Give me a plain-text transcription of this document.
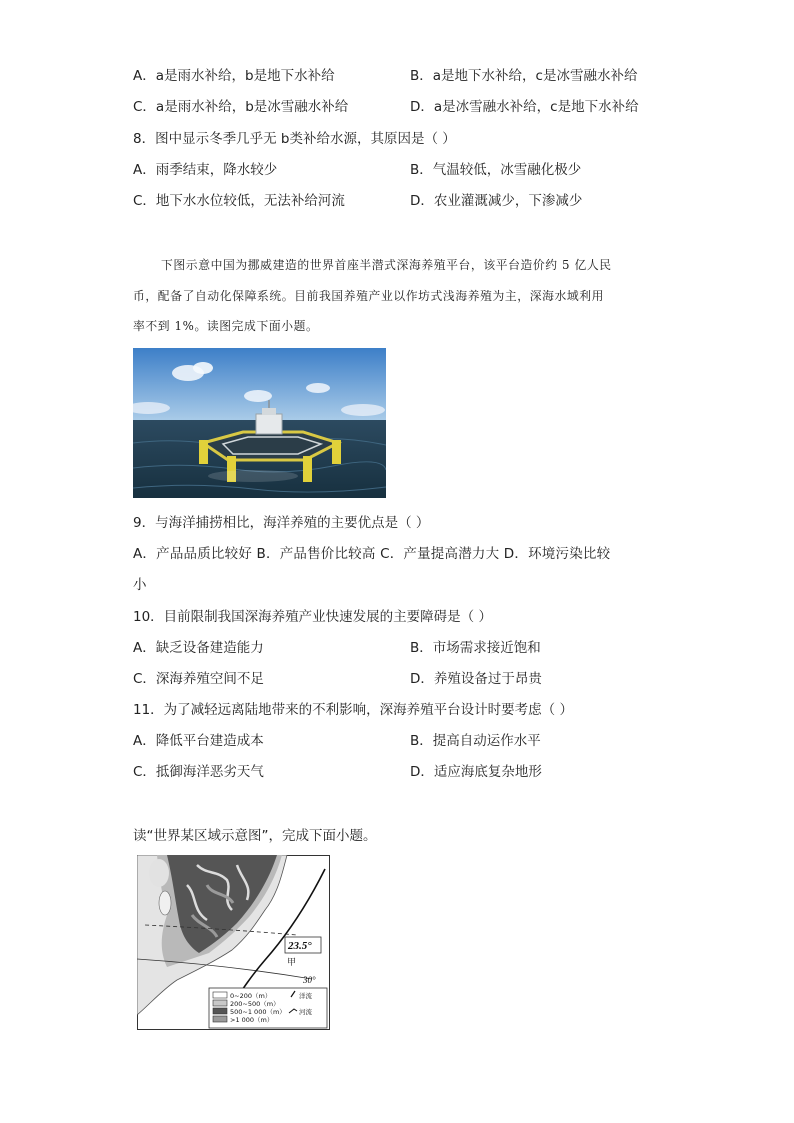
A．a是雨水补给，b是地下水补给	B．a是地下水补给，c是冰雪融水补给
C．a是雨水补给，b是冰雪融水补给	D．a是冰雪融水补给，c是地下水补给
8．图中显示冬季几乎无 b类补给水源，其原因是（ ）
A．雨季结束，降水较少	B．气温较低，冰雪融化极少
C．地下水水位较低，无法补给河流	D．农业灌溉减少，下渗减少
下图示意中国为挪威建造的世界首座半潜式深海养殖平台，该平台造价约 5 亿人民
币，配备了自动化保障系统。目前我国养殖产业以作坊式浅海养殖为主，深海水域利用
率不到 1%。读图完成下面小题。
9．与海洋捕捞相比，海洋养殖的主要优点是（ ）
A．产品品质比较好 B．产品售价比较高 C．产量提高潜力大 D．环境污染比较
小
10．目前限制我国深海养殖产业快速发展的主要障碍是（ ）
A．缺乏设备建造能力	B．市场需求接近饱和
C．深海养殖空间不足	D．养殖设备过于昂贵
11．为了减轻远离陆地带来的不利影响，深海养殖平台设计时要考虑（ ）
A．降低平台建造成本	B．提高自动运作水平
C．抵御海洋恶劣天气	D．适应海底复杂地形
读“世界某区域示意图”，完成下面小题。
23.5°
甲
30°
0~200（m）
200~500（m）
500~1 000（m）
>1 000（m）
洋流
河流
